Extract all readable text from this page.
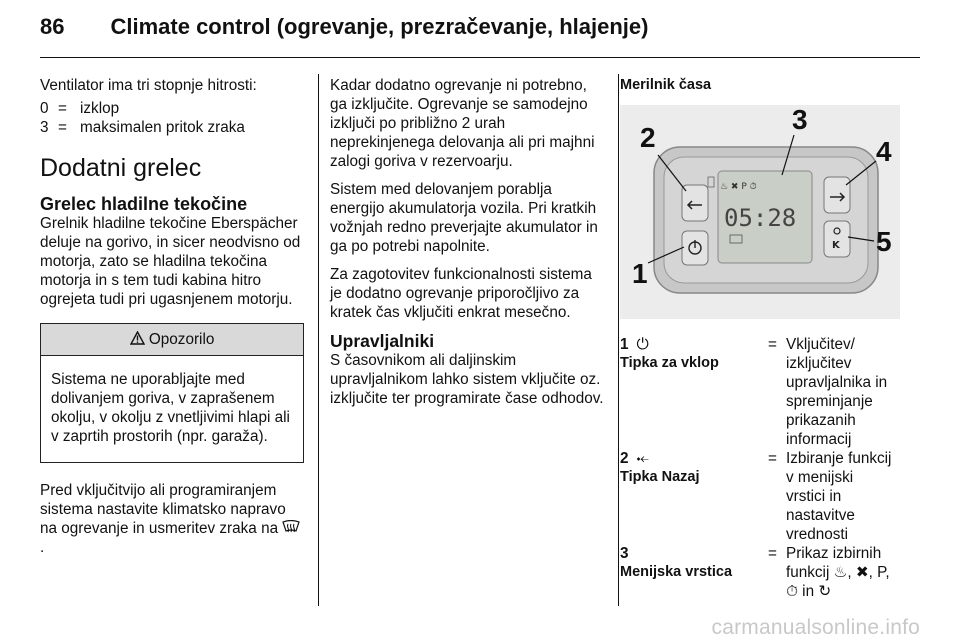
86 Climate control (ogrevanje, prezračevanje, hlajenje)

Ventilator ima tri stopnje hitrosti:

0 = izklop
3 = maksimalen pritok zraka
Dodatni grelec
Grelec hladilne tekočine

Grelnik hladilne tekočine Eberspächer deluje na gorivo, in sicer neodvisno od motorja, zato se hladilna tekočina motorja in s tem tudi kabina hitro ogrejeta tudi pri ugasnjenem motorju.

Opozorilo
Sistema ne uporabljajte med dolivanjem goriva, v zaprašenem okolju, v okolju z vnetljivimi hlapi ali v zaprtih prostorih (npr. garaža).

Pred vključitvijo ali programiranjem sistema nastavite klimatsko napravo na ogrevanje in usmeritev zraka na  .

Kadar dodatno ogrevanje ni potrebno, ga izključite. Ogrevanje se samodejno izključi po približno 2 urah neprekinjenega delovanja ali pri majhni zalogi goriva v rezervoarju.

Sistem med delovanjem porablja energijo akumulatorja vozila. Pri kratkih vožnjah redno preverjajte akumulator in ga po potrebi napolnite.

Za zagotovitev funkcionalnosti sistema je dodatno ogrevanje priporočljivo za kratek čas vključiti enkrat mesečno.

Upravljalniki

S časovnikom ali daljinskim upravljalnikom lahko sistem vključite oz. izključite ter programirate čase odhodov.

Merilnik časa
♨ ✖ P ⏱
05:28
K
1
2
3
4
5
1 ⏻
Tipka za vklop
= Vključitev/ izključitev upravljalnika in spreminjanje prikazanih informacij
2 ⤝
Tipka Nazaj
= Izbiranje funkcij v menijski vrstici in nastavitve vrednosti
3
Menijska vrstica
= Prikaz izbirnih funkcij ♨, ✖, P, ⏱ in ↻
carmanualsonline.info
